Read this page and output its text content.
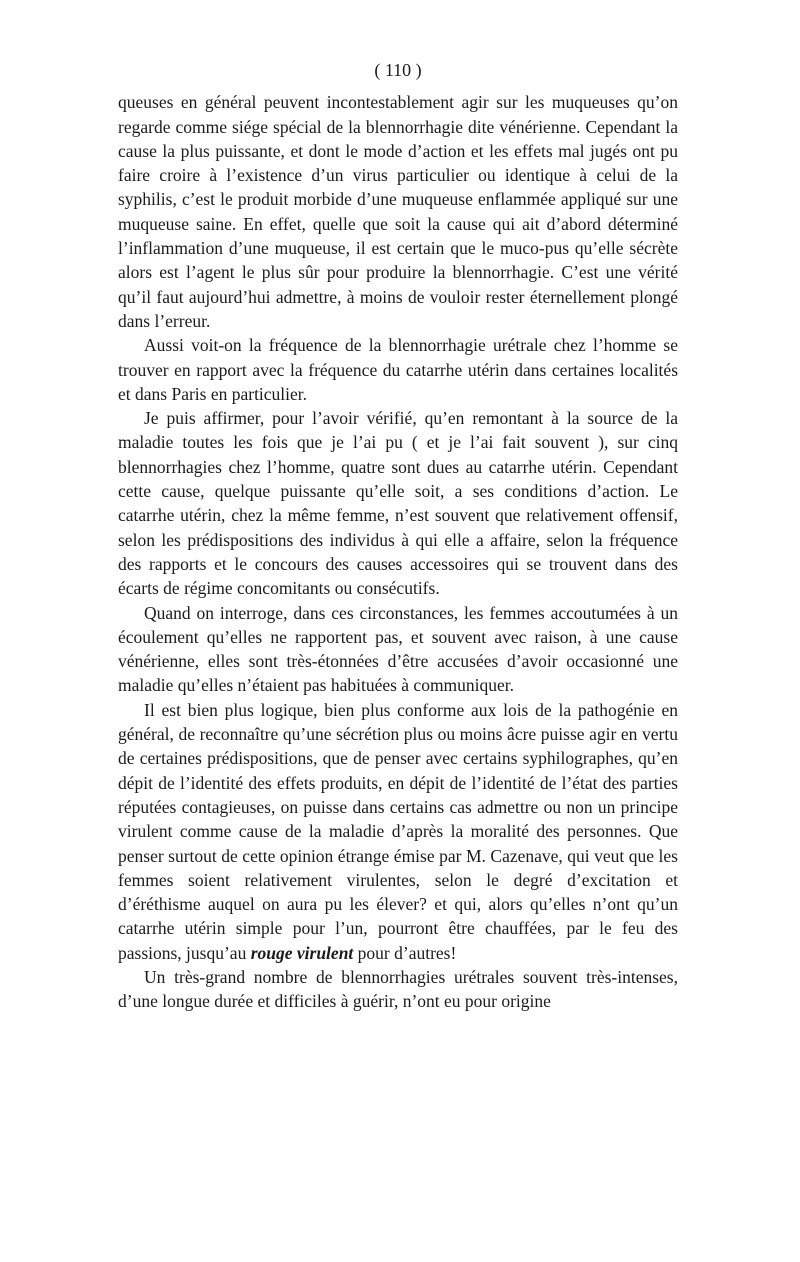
( 110 )

queuses en général peuvent incontestablement agir sur les muqueuses qu’on regarde comme siége spécial de la blennorrhagie dite vénérienne. Cependant la cause la plus puissante, et dont le mode d’action et les effets mal jugés ont pu faire croire à l’existence d’un virus particulier ou identique à celui de la syphilis, c’est le produit morbide d’une muqueuse enflammée appliqué sur une muqueuse saine. En effet, quelle que soit la cause qui ait d’abord déterminé l’inflammation d’une muqueuse, il est certain que le muco-pus qu’elle sécrète alors est l’agent le plus sûr pour produire la blennorrhagie. C’est une vérité qu’il faut aujourd’hui admettre, à moins de vouloir rester éternellement plongé dans l’erreur.

Aussi voit-on la fréquence de la blennorrhagie urétrale chez l’homme se trouver en rapport avec la fréquence du catarrhe utérin dans certaines localités et dans Paris en particulier.

Je puis affirmer, pour l’avoir vérifié, qu’en remontant à la source de la maladie toutes les fois que je l’ai pu ( et je l’ai fait souvent ), sur cinq blennorrhagies chez l’homme, quatre sont dues au catarrhe utérin. Cependant cette cause, quelque puissante qu’elle soit, a ses conditions d’action. Le catarrhe utérin, chez la même femme, n’est souvent que relativement offensif, selon les prédispositions des individus à qui elle a affaire, selon la fréquence des rapports et le concours des causes accessoires qui se trouvent dans des écarts de régime concomitants ou consécutifs.

Quand on interroge, dans ces circonstances, les femmes accoutumées à un écoulement qu’elles ne rapportent pas, et souvent avec raison, à une cause vénérienne, elles sont très-étonnées d’être accusées d’avoir occasionné une maladie qu’elles n’étaient pas habituées à communiquer.

Il est bien plus logique, bien plus conforme aux lois de la pathogénie en général, de reconnaître qu’une sécrétion plus ou moins âcre puisse agir en vertu de certaines prédispositions, que de penser avec certains syphilographes, qu’en dépit de l’identité des effets produits, en dépit de l’identité de l’état des parties réputées contagieuses, on puisse dans certains cas admettre ou non un principe virulent comme cause de la maladie d’après la moralité des personnes. Que penser surtout de cette opinion étrange émise par M. Cazenave, qui veut que les femmes soient relativement virulentes, selon le degré d’excitation et d’éréthisme auquel on aura pu les élever? et qui, alors qu’elles n’ont qu’un catarrhe utérin simple pour l’un, pourront être chauffées, par le feu des passions, jusqu’au rouge virulent pour d’autres!

Un très-grand nombre de blennorrhagies urétrales souvent très-intenses, d’une longue durée et difficiles à guérir, n’ont eu pour origine
